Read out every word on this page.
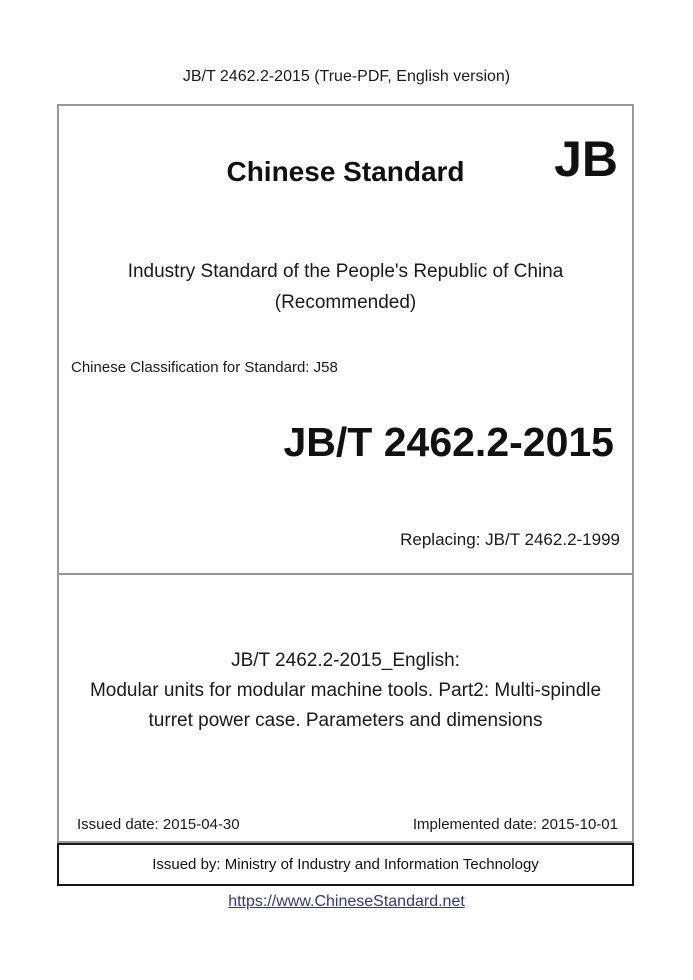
JB/T 2462.2-2015 (True-PDF, English version)
Chinese Standard	JB
Industry Standard of the People's Republic of China
(Recommended)
Chinese Classification for Standard: J58
JB/T 2462.2-2015
Replacing: JB/T 2462.2-1999
JB/T 2462.2-2015_English:
Modular units for modular machine tools. Part2: Multi-spindle
turret power case. Parameters and dimensions
Issued date: 2015-04-30	Implemented date: 2015-10-01
Issued by: Ministry of Industry and Information Technology
https://www.ChineseStandard.net
